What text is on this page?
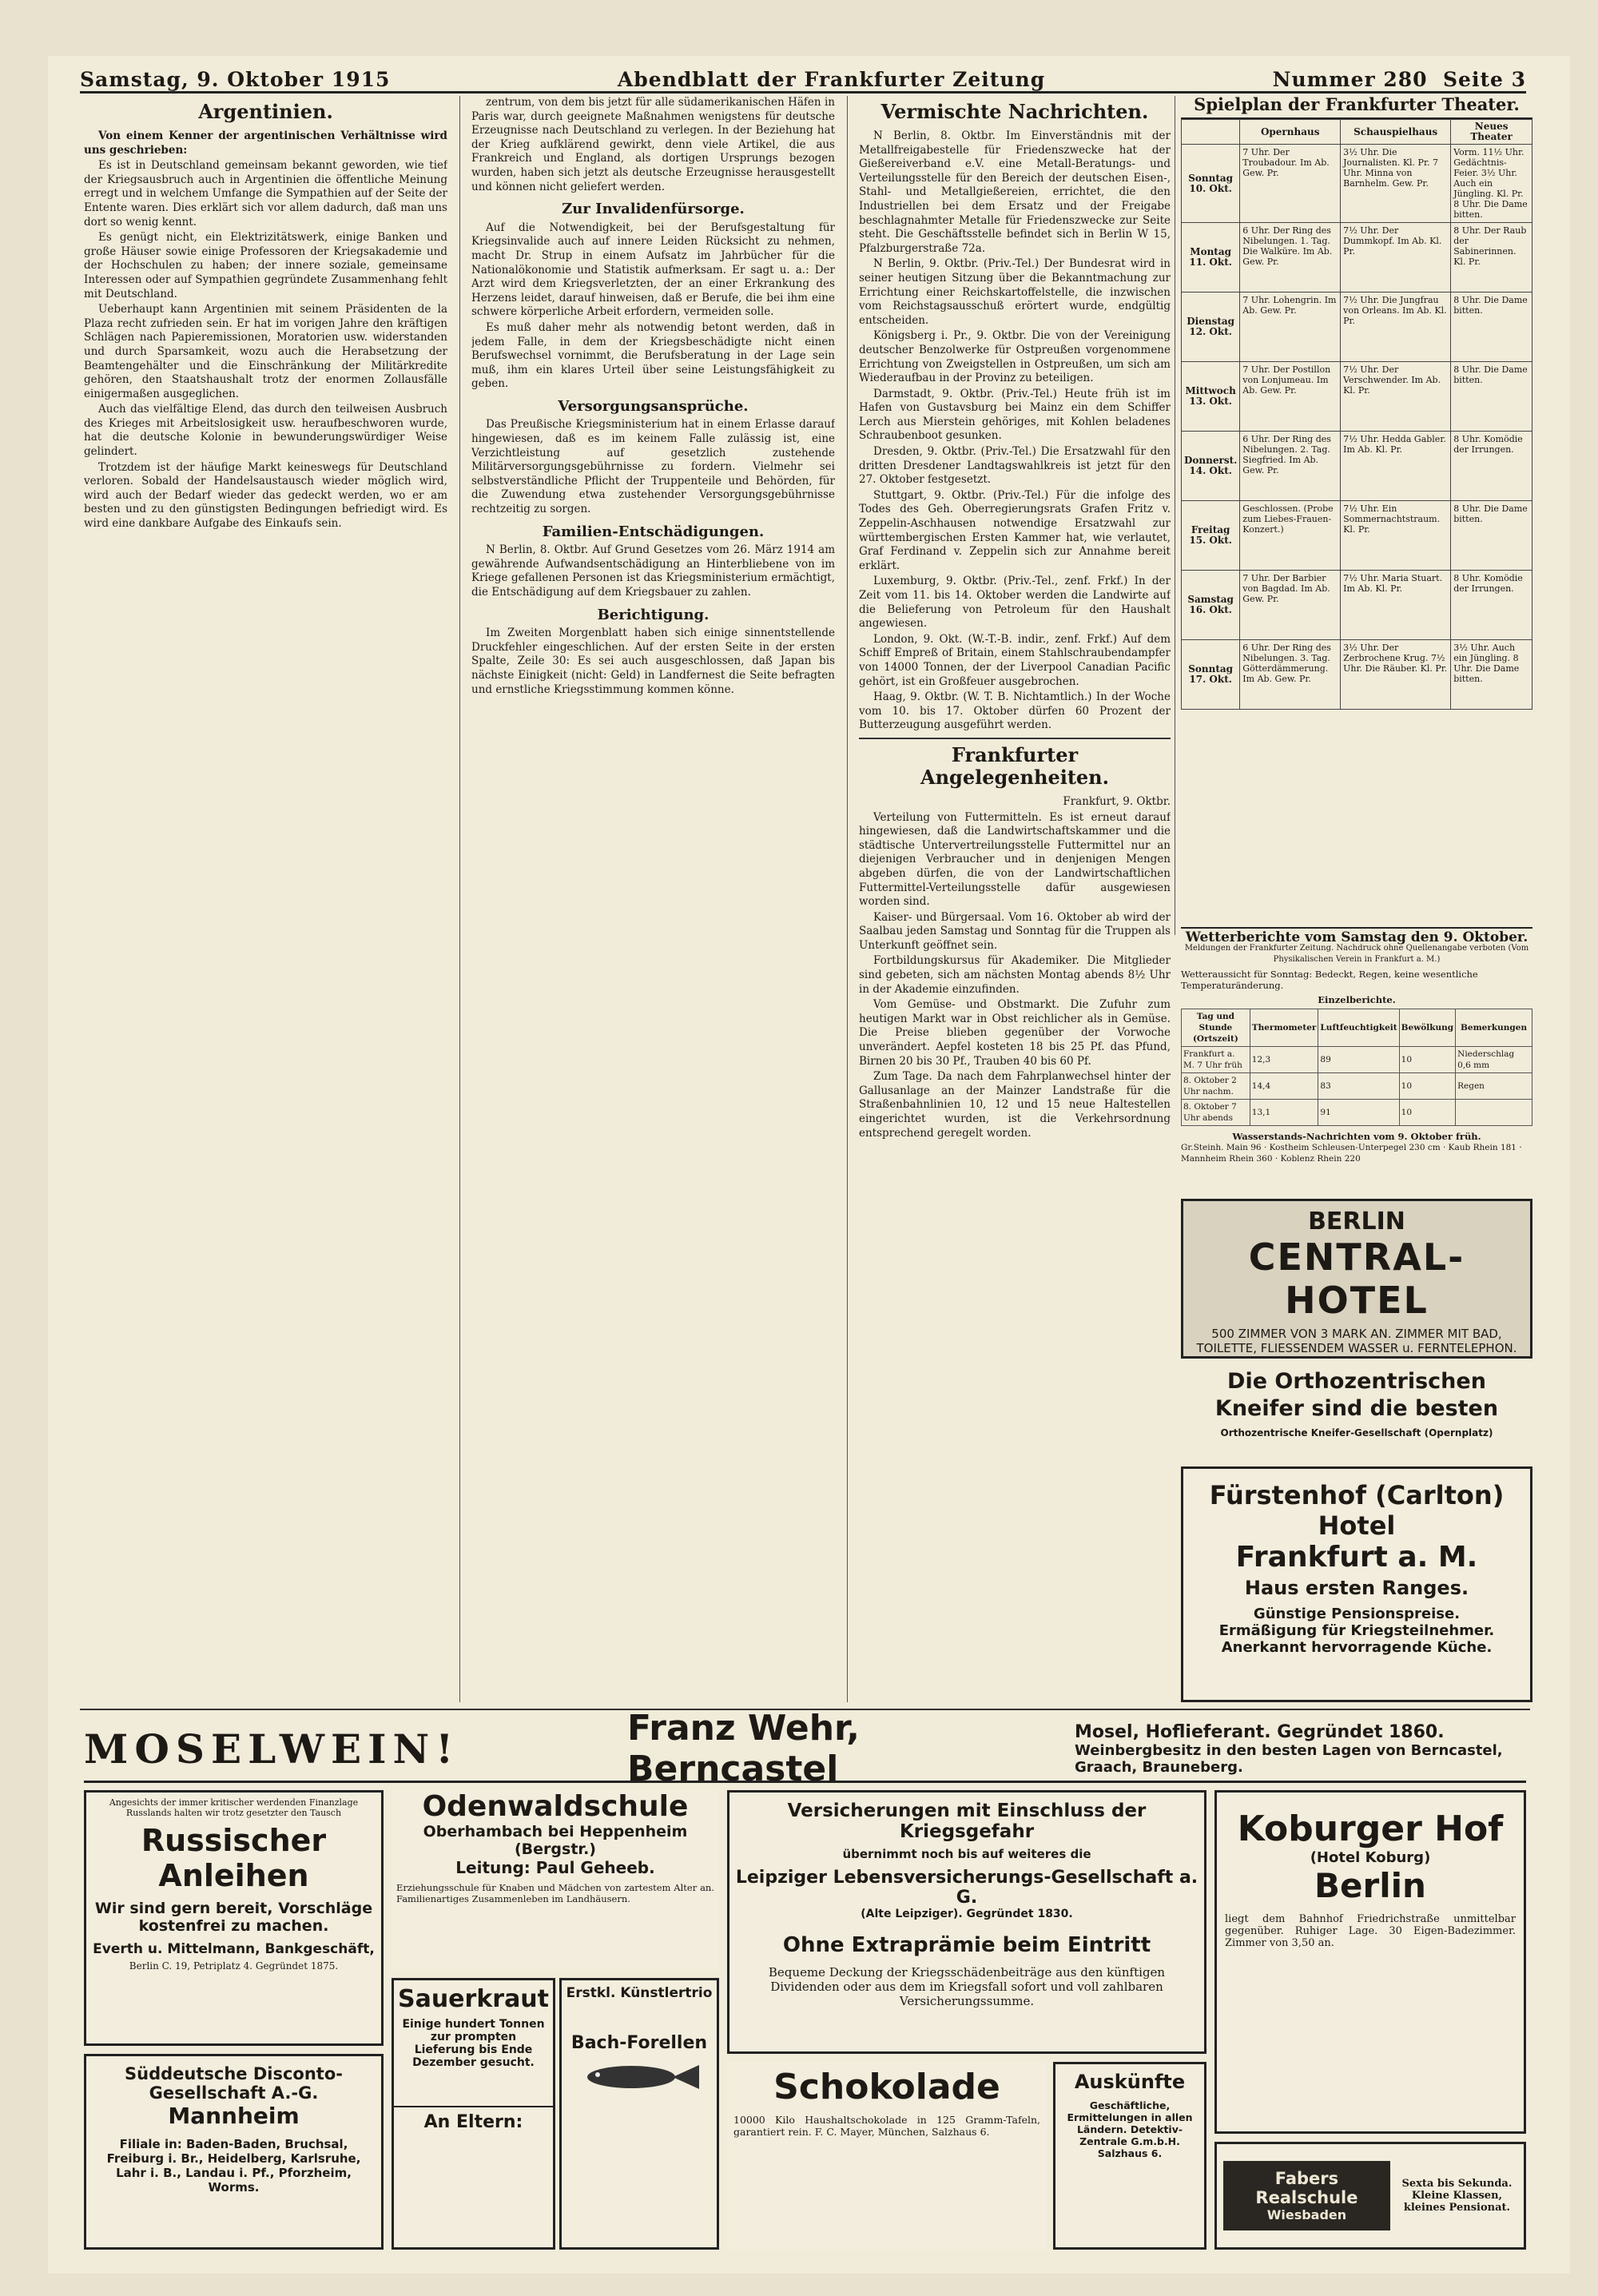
Samstag, 9. Oktober 1915	Abendblatt der Frankfurter Zeitung	Nummer 280 Seite 3
Argentinien.

Von einem Kenner der argentinischen Verhältnisse wird uns geschrieben:

Es ist in Deutschland gemeinsam bekannt geworden, wie tief der Kriegsausbruch auch in Argentinien die öffentliche Meinung erregt und in welchem Umfange die Sympathien auf der Seite der Entente waren. Dies erklärt sich vor allem dadurch, daß man uns dort so wenig kennt.

Es genügt nicht, ein Elektrizitätswerk, einige Banken und große Häuser sowie einige Professoren der Kriegsakademie und der Hochschulen zu haben; der innere soziale, gemeinsame Interessen oder auf Sympathien gegründete Zusammenhang fehlt mit Deutschland.

Ueberhaupt kann Argentinien mit seinem Präsidenten de la Plaza recht zufrieden sein. Er hat im vorigen Jahre den kräftigen Schlägen nach Papieremissionen, Moratorien usw. widerstanden und durch Sparsamkeit, wozu auch die Herabsetzung der Beamtengehälter und die Einschränkung der Militärkredite gehören, den Staatshaushalt trotz der enormen Zollausfälle einigermaßen ausgeglichen.

Auch das vielfältige Elend, das durch den teilweisen Ausbruch des Krieges mit Arbeitslosigkeit usw. heraufbeschworen wurde, hat die deutsche Kolonie in bewunderungswürdiger Weise gelindert.

Trotzdem ist der häufige Markt keineswegs für Deutschland verloren. Sobald der Handelsaustausch wieder möglich wird, wird auch der Bedarf wieder das gedeckt werden, wo er am besten und zu den günstigsten Bedingungen befriedigt wird. Es wird eine dankbare Aufgabe des Einkaufs sein.

zentrum, von dem bis jetzt für alle südamerikanischen Häfen in Paris war, durch geeignete Maßnahmen wenigstens für deutsche Erzeugnisse nach Deutschland zu verlegen. In der Beziehung hat der Krieg aufklärend gewirkt, denn viele Artikel, die aus Frankreich und England, als dortigen Ursprungs bezogen wurden, haben sich jetzt als deutsche Erzeugnisse herausgestellt und können nicht geliefert werden.

Zur Invalidenfürsorge.

Auf die Notwendigkeit, bei der Berufsgestaltung für Kriegsinvalide auch auf innere Leiden Rücksicht zu nehmen, macht Dr. Strup in einem Aufsatz im Jahrbücher für die Nationalökonomie und Statistik aufmerksam. Er sagt u. a.: Der Arzt wird dem Kriegsverletzten, der an einer Erkrankung des Herzens leidet, darauf hinweisen, daß er Berufe, die bei ihm eine schwere körperliche Arbeit erfordern, vermeiden solle.

Es muß daher mehr als notwendig betont werden, daß in jedem Falle, in dem der Kriegsbeschädigte nicht einen Berufswechsel vornimmt, die Berufsberatung in der Lage sein muß, ihm ein klares Urteil über seine Leistungsfähigkeit zu geben.

Versorgungsansprüche.

Das Preußische Kriegsministerium hat in einem Erlasse darauf hingewiesen, daß es im keinem Falle zulässig ist, eine Verzichtleistung auf gesetzlich zustehende Militärversorgungsgebührnisse zu fordern. Vielmehr sei selbstverständliche Pflicht der Truppenteile und Behörden, für die Zuwendung etwa zustehender Versorgungsgebührnisse rechtzeitig zu sorgen.

Familien-Entschädigungen.

N Berlin, 8. Oktbr. Auf Grund Gesetzes vom 26. März 1914 am gewährende Aufwandsentschädigung an Hinterbliebene von im Kriege gefallenen Personen ist das Kriegsministerium ermächtigt, die Entschädigung auf dem Kriegsbauer zu zahlen.

Berichtigung.

Im Zweiten Morgenblatt haben sich einige sinnentstellende Druckfehler eingeschlichen. Auf der ersten Seite in der ersten Spalte, Zeile 30: Es sei auch ausgeschlossen, daß Japan bis nächste Einigkeit (nicht: Geld) in Landfernest die Seite befragten und ernstliche Kriegsstimmung kommen könne.

Vermischte Nachrichten.

N Berlin, 8. Oktbr. Im Einverständnis mit der Metallfreigabestelle für Friedenszwecke hat der Gießereiverband e.V. eine Metall-Beratungs- und Verteilungsstelle für den Bereich der deutschen Eisen-, Stahl- und Metallgießereien, errichtet, die den Industriellen bei dem Ersatz und der Freigabe beschlagnahmter Metalle für Friedenszwecke zur Seite steht. Die Geschäftsstelle befindet sich in Berlin W 15, Pfalzburgerstraße 72a.

N Berlin, 9. Oktbr. (Priv.-Tel.) Der Bundesrat wird in seiner heutigen Sitzung über die Bekanntmachung zur Errichtung einer Reichskartoffelstelle, die inzwischen vom Reichstagsausschuß erörtert wurde, endgültig entscheiden.

Königsberg i. Pr., 9. Oktbr. Die von der Vereinigung deutscher Benzolwerke für Ostpreußen vorgenommene Errichtung von Zweigstellen in Ostpreußen, um sich am Wiederaufbau in der Provinz zu beteiligen.

Darmstadt, 9. Oktbr. (Priv.-Tel.) Heute früh ist im Hafen von Gustavsburg bei Mainz ein dem Schiffer Lerch aus Mierstein gehöriges, mit Kohlen beladenes Schraubenboot gesunken.

Dresden, 9. Oktbr. (Priv.-Tel.) Die Ersatzwahl für den dritten Dresdener Landtagswahlkreis ist jetzt für den 27. Oktober festgesetzt.

Stuttgart, 9. Oktbr. (Priv.-Tel.) Für die infolge des Todes des Geh. Oberregierungsrats Grafen Fritz v. Zeppelin-Aschhausen notwendige Ersatzwahl zur württembergischen Ersten Kammer hat, wie verlautet, Graf Ferdinand v. Zeppelin sich zur Annahme bereit erklärt.

Luxemburg, 9. Oktbr. (Priv.-Tel., zenf. Frkf.) In der Zeit vom 11. bis 14. Oktober werden die Landwirte auf die Belieferung von Petroleum für den Haushalt angewiesen.

London, 9. Okt. (W.-T.-B. indir., zenf. Frkf.) Auf dem Schiff Empreß of Britain, einem Stahlschraubendampfer von 14000 Tonnen, der der Liverpool Canadian Pacific gehört, ist ein Großfeuer ausgebrochen.

Haag, 9. Oktbr. (W. T. B. Nichtamtlich.) In der Woche vom 10. bis 17. Oktober dürfen 60 Prozent der Butterzeugung ausgeführt werden.

Frankfurter Angelegenheiten.

Frankfurt, 9. Oktbr.

Verteilung von Futtermitteln. Es ist erneut darauf hingewiesen, daß die Landwirtschaftskammer und die städtische Untervertreilungsstelle Futtermittel nur an diejenigen Verbraucher und in denjenigen Mengen abgeben dürfen, die von der Landwirtschaftlichen Futtermittel-Verteilungsstelle dafür ausgewiesen worden sind.

Kaiser- und Bürgersaal. Vom 16. Oktober ab wird der Saalbau jeden Samstag und Sonntag für die Truppen als Unterkunft geöffnet sein.

Fortbildungskursus für Akademiker. Die Mitglieder sind gebeten, sich am nächsten Montag abends 8½ Uhr in der Akademie einzufinden.

Vom Gemüse- und Obstmarkt. Die Zufuhr zum heutigen Markt war in Obst reichlicher als in Gemüse. Die Preise blieben gegenüber der Vorwoche unverändert. Aepfel kosteten 18 bis 25 Pf. das Pfund, Birnen 20 bis 30 Pf., Trauben 40 bis 60 Pf.

Zum Tage. Da nach dem Fahrplanwechsel hinter der Gallusanlage an der Mainzer Landstraße für die Straßenbahnlinien 10, 12 und 15 neue Haltestellen eingerichtet wurden, ist die Verkehrsordnung entsprechend geregelt worden.

Spielplan der Frankfurter Theater.
	Opernhaus	Schauspielhaus	Neues Theater
Sonntag 10. Okt.	7 Uhr. Der Troubadour. Im Ab. Gew. Pr.	3½ Uhr. Die Journalisten. Kl. Pr. 7 Uhr. Minna von Barnhelm. Gew. Pr.	Vorm. 11½ Uhr. Gedächtnis-Feier. 3½ Uhr. Auch ein Jüngling. Kl. Pr. 8 Uhr. Die Dame bitten.
Montag 11. Okt.	6 Uhr. Der Ring des Nibelungen. 1. Tag. Die Walküre. Im Ab. Gew. Pr.	7½ Uhr. Der Dummkopf. Im Ab. Kl. Pr.	8 Uhr. Der Raub der Sabinerinnen. Kl. Pr.
Dienstag 12. Okt.	7 Uhr. Lohengrin. Im Ab. Gew. Pr.	7½ Uhr. Die Jungfrau von Orleans. Im Ab. Kl. Pr.	8 Uhr. Die Dame bitten.
Mittwoch 13. Okt.	7 Uhr. Der Postillon von Lonjumeau. Im Ab. Gew. Pr.	7½ Uhr. Der Verschwender. Im Ab. Kl. Pr.	8 Uhr. Die Dame bitten.
Donnerst. 14. Okt.	6 Uhr. Der Ring des Nibelungen. 2. Tag. Siegfried. Im Ab. Gew. Pr.	7½ Uhr. Hedda Gabler. Im Ab. Kl. Pr.	8 Uhr. Komödie der Irrungen.
Freitag 15. Okt.	Geschlossen. (Probe zum Liebes-Frauen-Konzert.)	7½ Uhr. Ein Sommernachtstraum. Kl. Pr.	8 Uhr. Die Dame bitten.
Samstag 16. Okt.	7 Uhr. Der Barbier von Bagdad. Im Ab. Gew. Pr.	7½ Uhr. Maria Stuart. Im Ab. Kl. Pr.	8 Uhr. Komödie der Irrungen.
Sonntag 17. Okt.	6 Uhr. Der Ring des Nibelungen. 3. Tag. Götterdämmerung. Im Ab. Gew. Pr.	3½ Uhr. Der Zerbrochene Krug. 7½ Uhr. Die Räuber. Kl. Pr.	3½ Uhr. Auch ein Jüngling. 8 Uhr. Die Dame bitten.
Wetterberichte vom Samstag den 9. Oktober.
Meldungen der Frankfurter Zeitung. Nachdruck ohne Quellenangabe verboten (Vom Physikalischen Verein in Frankfurt a. M.)
Wetteraussicht für Sonntag: Bedeckt, Regen, keine wesentliche Temperaturänderung.
Einzelberichte.
Tag und Stunde (Ortszeit)	Thermometer	Luftfeuchtigkeit	Bewölkung	Bemerkungen
Frankfurt a. M. 7 Uhr früh	12,3	89	10	Niederschlag 0,6 mm
8. Oktober 2 Uhr nachm.	14,4	83	10	Regen
8. Oktober 7 Uhr abends	13,1	91	10	
Wasserstands-Nachrichten vom 9. Oktober früh.
Gr.Steinh. Main 96 · Kostheim Schleusen-Unterpegel 230 cm · Kaub Rhein 181 · Mannheim Rhein 360 · Koblenz Rhein 220
BERLIN
CENTRAL-HOTEL
500 ZIMMER VON 3 MARK AN. ZIMMER MIT BAD, TOILETTE, FLIESSENDEM WASSER u. FERNTELEPHON.
Die Orthozentrischen Kneifer sind die besten
Orthozentrische Kneifer-Gesellschaft (Opernplatz)
Fürstenhof (Carlton) Hotel
Frankfurt a. M.
Haus ersten Ranges.
Günstige Pensionspreise.
Ermäßigung für Kriegsteilnehmer.
Anerkannt hervorragende Küche.
MOSELWEIN!	Franz Wehr, Berncastel
Mosel, Hoflieferant. Gegründet 1860.
Weinbergbesitz in den besten Lagen von Berncastel, Graach, Brauneberg.
Angesichts der immer kritischer werdenden Finanzlage Russlands halten wir trotz gesetzter den Tausch
Russischer Anleihen
Wir sind gern bereit, Vorschläge kostenfrei zu machen.
Everth u. Mittelmann, Bankgeschäft,
Berlin C. 19, Petriplatz 4. Gegründet 1875.
Süddeutsche Disconto-Gesellschaft A.-G.
Mannheim
Filiale in: Baden-Baden, Bruchsal, Freiburg i. Br., Heidelberg, Karlsruhe, Lahr i. B., Landau i. Pf., Pforzheim, Worms.
Odenwaldschule
Oberhambach bei Heppenheim (Bergstr.)
Leitung: Paul Geheeb.
Erziehungsschule für Knaben und Mädchen von zartestem Alter an. Familienartiges Zusammenleben im Landhäusern.
Sauerkraut
Einige hundert Tonnen zur prompten Lieferung bis Ende Dezember gesucht.
An Eltern:
Erstkl. Künstlertrio
Bach-Forellen
Versicherungen mit Einschluss der Kriegsgefahr
übernimmt noch bis auf weiteres die
Leipziger Lebensversicherungs-Gesellschaft a. G.
(Alte Leipziger). Gegründet 1830.
Ohne Extraprämie beim Eintritt
Bequeme Deckung der Kriegsschädenbeiträge aus den künftigen Dividenden oder aus dem im Kriegsfall sofort und voll zahlbaren Versicherungssumme.
Schokolade
10000 Kilo Haushaltschokolade in 125 Gramm-Tafeln, garantiert rein. F. C. Mayer, München, Salzhaus 6.
Auskünfte
Geschäftliche, Ermittelungen in allen Ländern. Detektiv-Zentrale G.m.b.H. Salzhaus 6.
Koburger Hof
(Hotel Koburg)
Berlin
liegt dem Bahnhof Friedrichstraße unmittelbar gegenüber. Ruhiger Lage. 30 Eigen-Badezimmer. Zimmer von 3,50 an.
Fabers Realschule
Wiesbaden
Sexta bis Sekunda. Kleine Klassen, kleines Pensionat.
